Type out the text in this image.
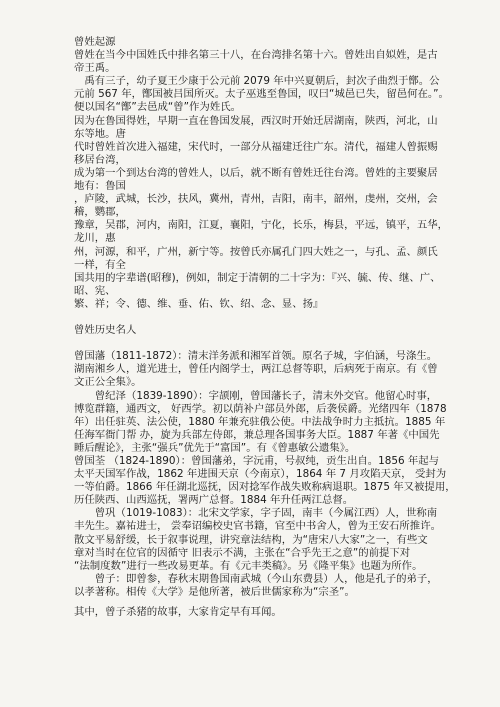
曾姓起源
曾姓在当今中国姓氏中排名第三十八，在台湾排名第十六。曾姓出自姒姓，是古
帝王禹。
　禹有三子，幼子夏王少康于公元前 2079 年中兴夏朝后，封次子曲烈于鄫。公
元前 567 年，鄫国被吕国所灭。太子巫逃至鲁国，叹曰“城邑已失，留邑何在。”。
便以国名“鄫”去邑成“曾”作为姓氏。
因为在鲁国得姓，早期一直在鲁国发展，西汉时开始迁居湖南，陕西，河北，山
东等地。唐
代时曾姓首次进入福建，宋代时，一部分从福建迁往广东。清代，福建人曾振赐
移居台湾，
成为第一个到达台湾的曾姓人，以后，就不断有曾姓迁往台湾。曾姓的主要聚居
地有：鲁国
，庐陵，武城，长沙，扶风，冀州，青州，吉阳，南丰，韶州，虔州，交州，会
稽，鹦郡，
豫章，吴郡，河内，南阳，江夏，襄阳，宁化，长乐，梅县，平远，镇平，五华，
龙川，惠
州，河源，和平，广州，新宁等。按曾氏亦属孔门四大姓之一，与孔、孟、颜氏
一样，有全
国共用的字辈谱(昭穆)，例如，制定于清朝的二十字为：『兴、毓、传、继、广、
昭、宪、
繁、祥；令、德、维、垂、佑、钦、绍、念、显、扬』
曾姓历史名人
曾国藩（1811-1872）：清末洋务派和湘军首领。原名子城，字伯涵，号涤生。
湖南湘乡人，道光进士，曾任内阁学士，两江总督等职，后病死于南京。有《曾
文正公全集》。
　　曾纪泽（1839-1890）：字颉刚，曾国藩长子，清末外交官。他留心时事，
博览群籍，通西文， 好西学。初以荫补户部员外郎，后袭侯爵。光绪四年（1878
年）出任驻英、法公使，1880 年兼充驻俄公使。中法战争时力主抵抗。1885 年
任海军衙门帮 办，旋为兵部左侍郎，兼总理各国事务大臣。1887 年著《中国先
睡后醒论》，主张“强兵”优先于“富国”。有《曾惠敏公遗集》。
曾国荃 （1824-1890）：曾国藩弟，字沅甫，号叔纯，贡生出自。1856 年起与
太平天国军作战，1862 年进围天京（今南京），1864 年 7 月攻陷天京， 受封为
一等伯爵。1866 年任湖北巡抚，因对捻军作战失败称病退职。1875 年又被提用，
历任陕西、山西巡抚，署两广总督。1884 年升任两江总督。
　　曾巩（1019-1083）：北宋文学家，字子固，南丰（今属江西）人，世称南
丰先生。嘉祐进士， 尝奉诏编校史官书籍，官至中书舍人，曾为王安石所推许。
散文平易舒缓，长于叙事说理，讲究章法结构，为“唐宋八大家”之一，有些文
章对当时在位官的因循守 旧表示不满，主张在“合乎先王之意”的前提下对
“法制度数”进行一些改易更革。有《元丰类稿》。另《隆平集》也题为所作。
　　曾子：即曾参，春秋末期鲁国南武城（今山东费县）人，他是孔子的弟子，
以孝著称。相传《大学》是他所著，被后世儒家称为“宗圣”。
其中，曾子杀猪的故事，大家肯定早有耳闻。
